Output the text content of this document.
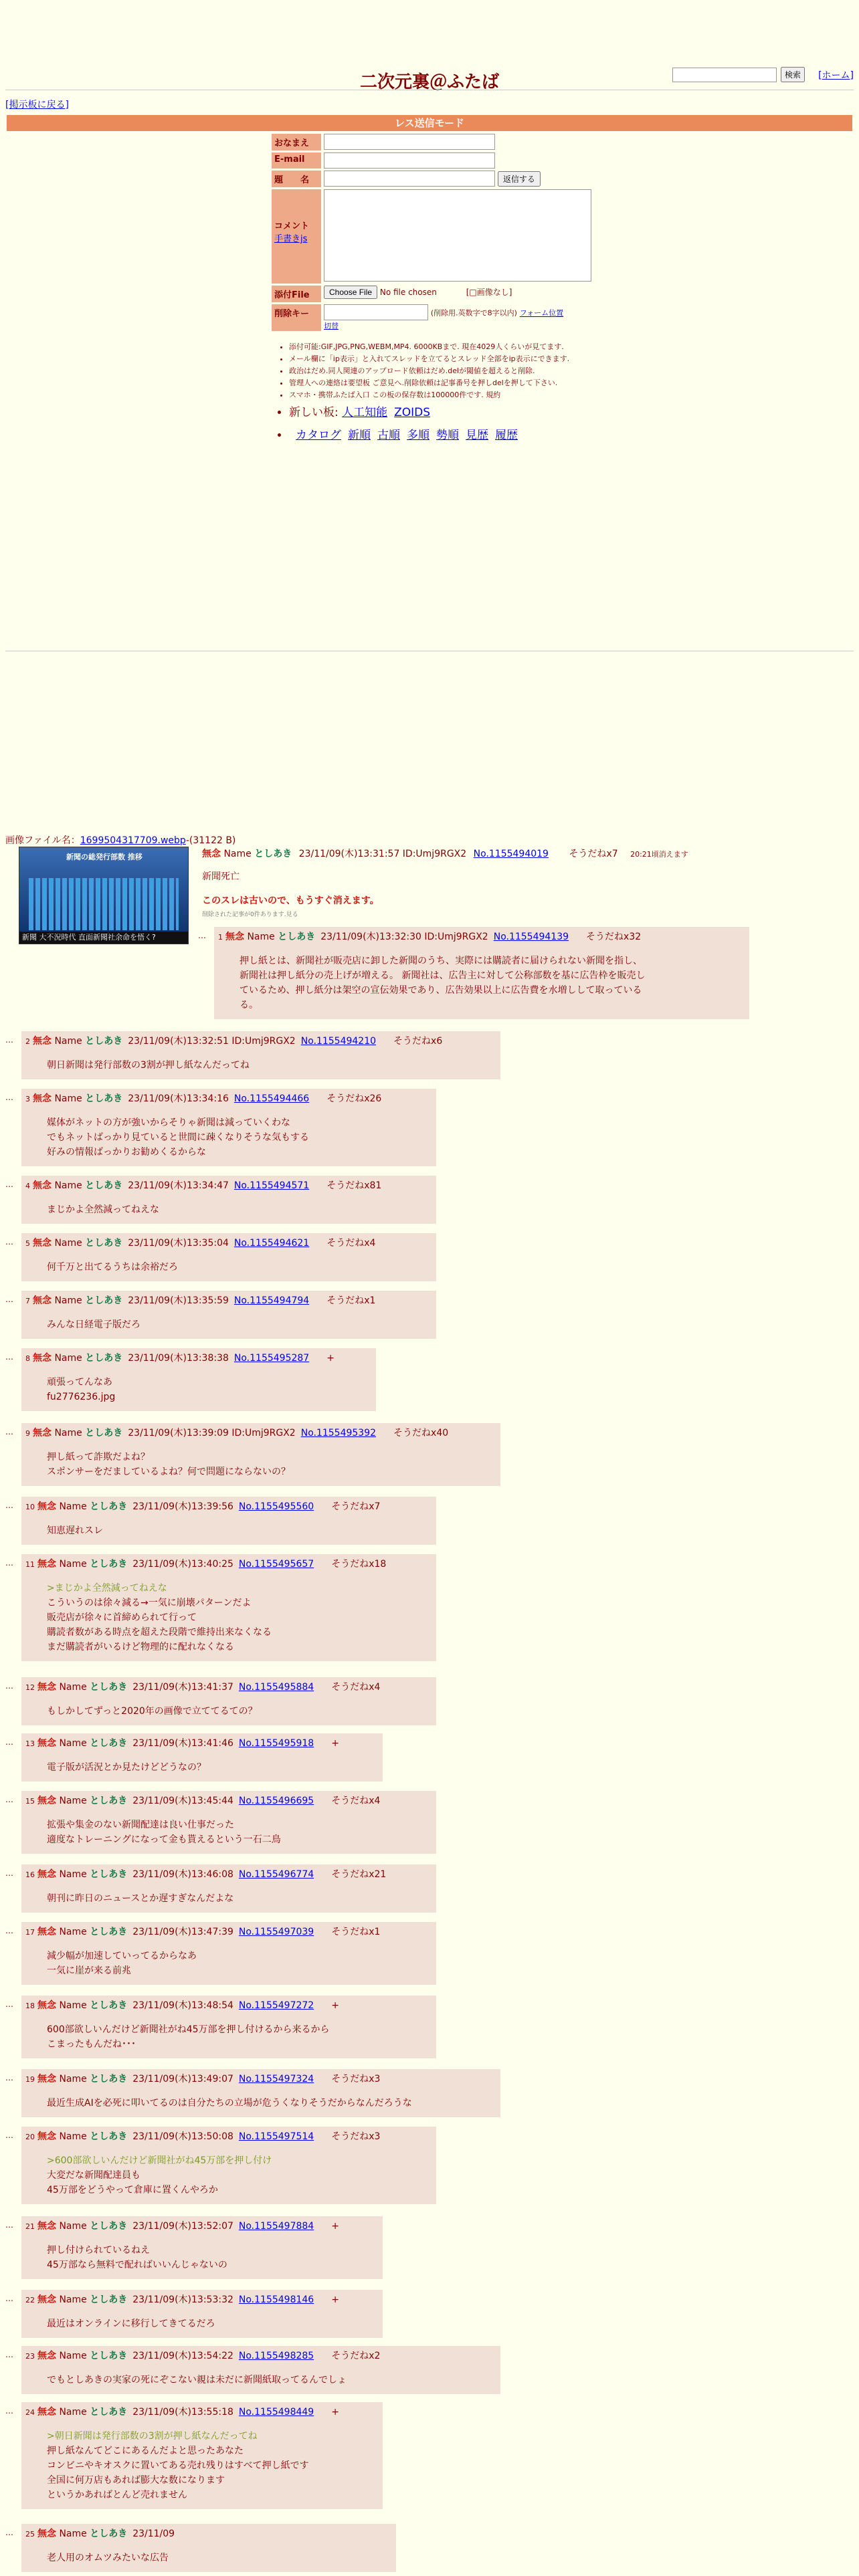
検索	[ホーム]
二次元裏＠ふたば
[掲示板に戻る]
レス送信モード
おなまえ
E-mail
題　　名	返信する
コメント
手書きjs
添付File	Choose File No file chosen	[□画像なし]
削除キー	(削除用.英数字で8字以内) フォーム位置
切替
• 添付可能:GIF,JPG,PNG,WEBM,MP4. 6000KBまで. 現在4029人くらいが見てます.
• メール欄に「ip表示」と入れてスレッドを立てるとスレッド全部をip表示にできます.
• 政治はだめ.同人関連のアップロード依頼はだめ.delが閾値を超えると削除.
• 管理人への連絡は要望板 ご意見へ.削除依頼は記事番号を押しdelを押して下さい.
• スマホ・携帯ふたば入口 この板の保存数は100000件です. 規約
• 新しい板: 人工知能 ZOIDS
• カタログ 新順 古順 多順 勢順 見歴 履歴
画像ファイル名：1699504317709.webp-(31122 B)
新聞の総発行部数 推移
新聞 大不況時代 直面新聞社余命を悟く?
無念 Name としあき 23/11/09(木)13:31:57 ID:Umj9RGX2 No.1155494019 そうだねx7 20:21頃消えます
新聞死亡
このスレは古いので、もうすぐ消えます。
削除された記事が0件あります.見る
…	1 無念 Name としあき 23/11/09(木)13:32:30 ID:Umj9RGX2 No.1155494139 そうだねx32
押し紙とは、新聞社が販売店に卸した新聞のうち、実際には購読者に届けられない新聞を指し、
新聞社は押し紙分の売上げが増える。 新聞社は、広告主に対して公称部数を基に広告枠を販売し
ているため、押し紙分は架空の宣伝効果であり、広告効果以上に広告費を水増しして取っている
る。
…	2 無念 Name としあき 23/11/09(木)13:32:51 ID:Umj9RGX2 No.1155494210 そうだねx6
朝日新聞は発行部数の3割が押し紙なんだってね
…	3 無念 Name としあき 23/11/09(木)13:34:16 No.1155494466 そうだねx26
媒体がネットの方が強いからそりゃ新聞は減っていくわな
でもネットばっかり見ていると世間に疎くなりそうな気もする
好みの情報ばっかりお勧めくるからな
…	4 無念 Name としあき 23/11/09(木)13:34:47 No.1155494571 そうだねx81
まじかよ全然減ってねえな
…	5 無念 Name としあき 23/11/09(木)13:35:04 No.1155494621 そうだねx4
何千万と出てるうちは余裕だろ
…	7 無念 Name としあき 23/11/09(木)13:35:59 No.1155494794 そうだねx1
みんな日経電子版だろ
…	8 無念 Name としあき 23/11/09(木)13:38:38 No.1155495287 +
頑張ってんなあ
fu2776236.jpg
…	9 無念 Name としあき 23/11/09(木)13:39:09 ID:Umj9RGX2 No.1155495392 そうだねx40
押し紙って詐欺だよね？
スポンサーをだましているよね？何で問題にならないの？
…	10 無念 Name としあき 23/11/09(木)13:39:56 No.1155495560 そうだねx7
知恵遅れスレ
…	11 無念 Name としあき 23/11/09(木)13:40:25 No.1155495657 そうだねx18
>まじかよ全然減ってねえな
こういうのは徐々減る→一気に崩壊パターンだよ
販売店が徐々に首締められて行って
購読者数がある時点を超えた段階で維持出来なくなる
まだ購読者がいるけど物理的に配れなくなる
…	12 無念 Name としあき 23/11/09(木)13:41:37 No.1155495884 そうだねx4
もしかしてずっと2020年の画像で立ててるての？
…	13 無念 Name としあき 23/11/09(木)13:41:46 No.1155495918 +
電子版が活況とか見たけどどうなの？
…	15 無念 Name としあき 23/11/09(木)13:45:44 No.1155496695 そうだねx4
拡張や集金のない新聞配達は良い仕事だった
適度なトレーニングになって金も貰えるという一石二鳥
…	16 無念 Name としあき 23/11/09(木)13:46:08 No.1155496774 そうだねx21
朝刊に昨日のニュースとか遅すぎなんだよな
…	17 無念 Name としあき 23/11/09(木)13:47:39 No.1155497039 そうだねx1
減少幅が加速していってるからなあ
一気に崖が来る前兆
…	18 無念 Name としあき 23/11/09(木)13:48:54 No.1155497272 +
600部欲しいんだけど新聞社がね45万部を押し付けるから来るから
こまったもんだね･･･
…	19 無念 Name としあき 23/11/09(木)13:49:07 No.1155497324 そうだねx3
最近生成AIを必死に叩いてるのは自分たちの立場が危うくなりそうだからなんだろうな
…	20 無念 Name としあき 23/11/09(木)13:50:08 No.1155497514 そうだねx3
>600部欲しいんだけど新聞社がね45万部を押し付け
大変だな新聞配達員も
45万部をどうやって倉庫に置くんやろか
…	21 無念 Name としあき 23/11/09(木)13:52:07 No.1155497884 +
押し付けられているねえ
45万部なら無料で配ればいいんじゃないの
…	22 無念 Name としあき 23/11/09(木)13:53:32 No.1155498146 +
最近はオンラインに移行してきてるだろ
…	23 無念 Name としあき 23/11/09(木)13:54:22 No.1155498285 そうだねx2
でもとしあきの実家の死にぞこない親は未だに新聞紙取ってるんでしょ
…	24 無念 Name としあき 23/11/09(木)13:55:18 No.1155498449 +
>朝日新聞は発行部数の3割が押し紙なんだってね
押し紙なんてどこにあるんだよと思ったあなた
コンビニやキオスクに置いてある売れ残りはすべて押し紙です
全国に何万店もあれば膨大な数になります
というかあればとんど売れません
…	25 無念 Name としあき 23/11/09
老人用のオムツみたいな広告
